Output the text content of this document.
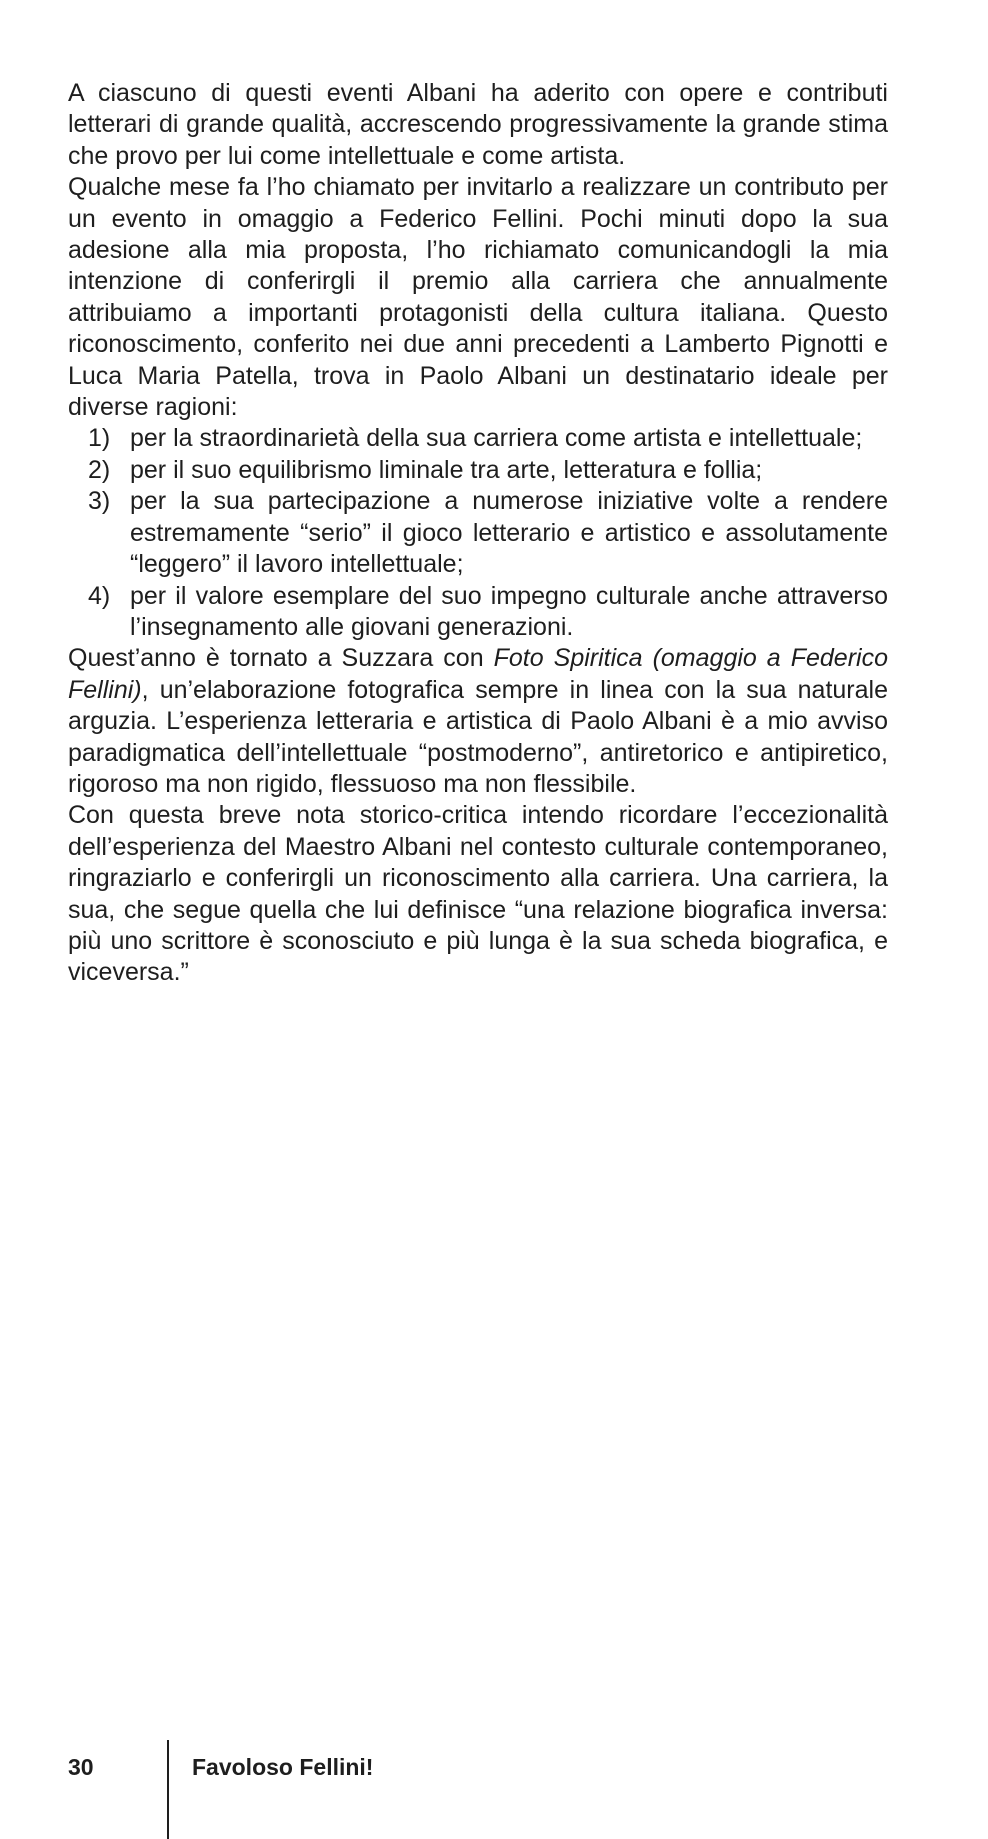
A ciascuno di questi eventi Albani ha aderito con opere e contributi letterari di grande qualità, accrescendo progressivamente la grande stima che provo per lui come intellettuale e come artista.

Qualche mese fa l’ho chiamato per invitarlo a realizzare un contributo per un evento in omaggio a Federico Fellini. Pochi minuti dopo la sua adesione alla mia proposta, l’ho richiamato comunicandogli la mia intenzione di conferirgli il premio alla carriera che annualmente attribuiamo a importanti protagonisti della cultura italiana. Questo riconoscimento, conferito nei due anni precedenti a Lamberto Pignotti e Luca Maria Patella, trova in Paolo Albani un destinatario ideale per diverse ragioni:

1) per la straordinarietà della sua carriera come artista e intellettuale;
2) per il suo equilibrismo liminale tra arte, letteratura e follia;
3) per la sua partecipazione a numerose iniziative volte a rendere estremamente “serio” il gioco letterario e artistico e assolutamente “leggero” il lavoro intellettuale;
4) per il valore esemplare del suo impegno culturale anche attraverso l’insegnamento alle giovani generazioni.

Quest’anno è tornato a Suzzara con Foto Spiritica (omaggio a Federico Fellini), un’elaborazione fotografica sempre in linea con la sua naturale arguzia. L’esperienza letteraria e artistica di Paolo Albani è a mio avviso paradigmatica dell’intellettuale “postmoderno”, antiretorico e antipiretico, rigoroso ma non rigido, flessuoso ma non flessibile.

Con questa breve nota storico-critica intendo ricordare l’eccezionalità dell’esperienza del Maestro Albani nel contesto culturale contemporaneo, ringraziarlo e conferirgli un riconoscimento alla carriera. Una carriera, la sua, che segue quella che lui definisce “una relazione biografica inversa: più uno scrittore è sconosciuto e più lunga è la sua scheda biografica, e viceversa.”

30	Favoloso Fellini!
